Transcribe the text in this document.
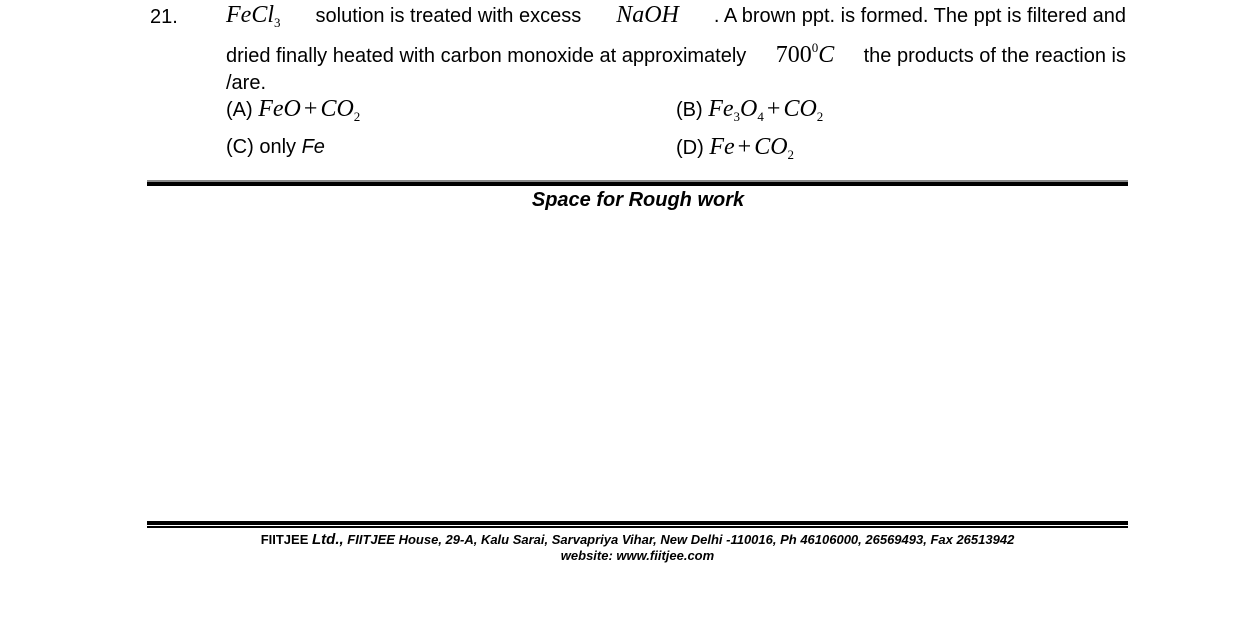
21. FeCl$_3$ solution is treated with excess NaOH . A brown ppt. is formed. The ppt is filtered and
dried finally heated with carbon monoxide at approximately $700^0C$ the products of the reaction is
/are.
(A) FeO + $CO_2$	(B) $Fe_3O_4 + CO_2$
(C) only Fe	(D) $Fe + CO_2$
Space for Rough work
FIITJEE Ltd., FIITJEE House, 29-A, Kalu Sarai, Sarvapriya Vihar, New Delhi -110016, Ph 46106000, 26569493, Fax 26513942
website: www.fiitjee.com
